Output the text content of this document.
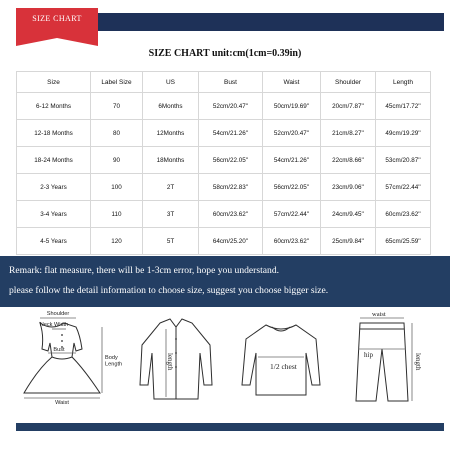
SIZE CHART
SIZE CHART unit:cm(1cm=0.39in)
Size	Label Size	US	Bust	Waist	Shoulder	Length
6-12 Months	70	6Months	52cm/20.47''	50cm/19.69''	20cm/7.87''	45cm/17.72''
12-18 Months	80	12Months	54cm/21.26''	52cm/20.47''	21cm/8.27''	49cm/19.29''
18-24 Months	90	18Months	56cm/22.05''	54cm/21.26''	22cm/8.66''	53cm/20.87''
2-3 Years	100	2T	58cm/22.83''	56cm/22.05''	23cm/9.06''	57cm/22.44''
3-4 Years	110	3T	60cm/23.62''	57cm/22.44''	24cm/9.45''	60cm/23.62''
4-5 Years	120	5T	64cm/25.20''	60cm/23.62''	25cm/9.84''	65cm/25.59''
Remark: flat measure, there will be 1-3cm error, hope you understand.
please follow the detail information to choose size, suggest you choose bigger size.
Shoulder
Neck Width
Bust
Waist
Body Length	length	1/2 chest
waist
hip	length
